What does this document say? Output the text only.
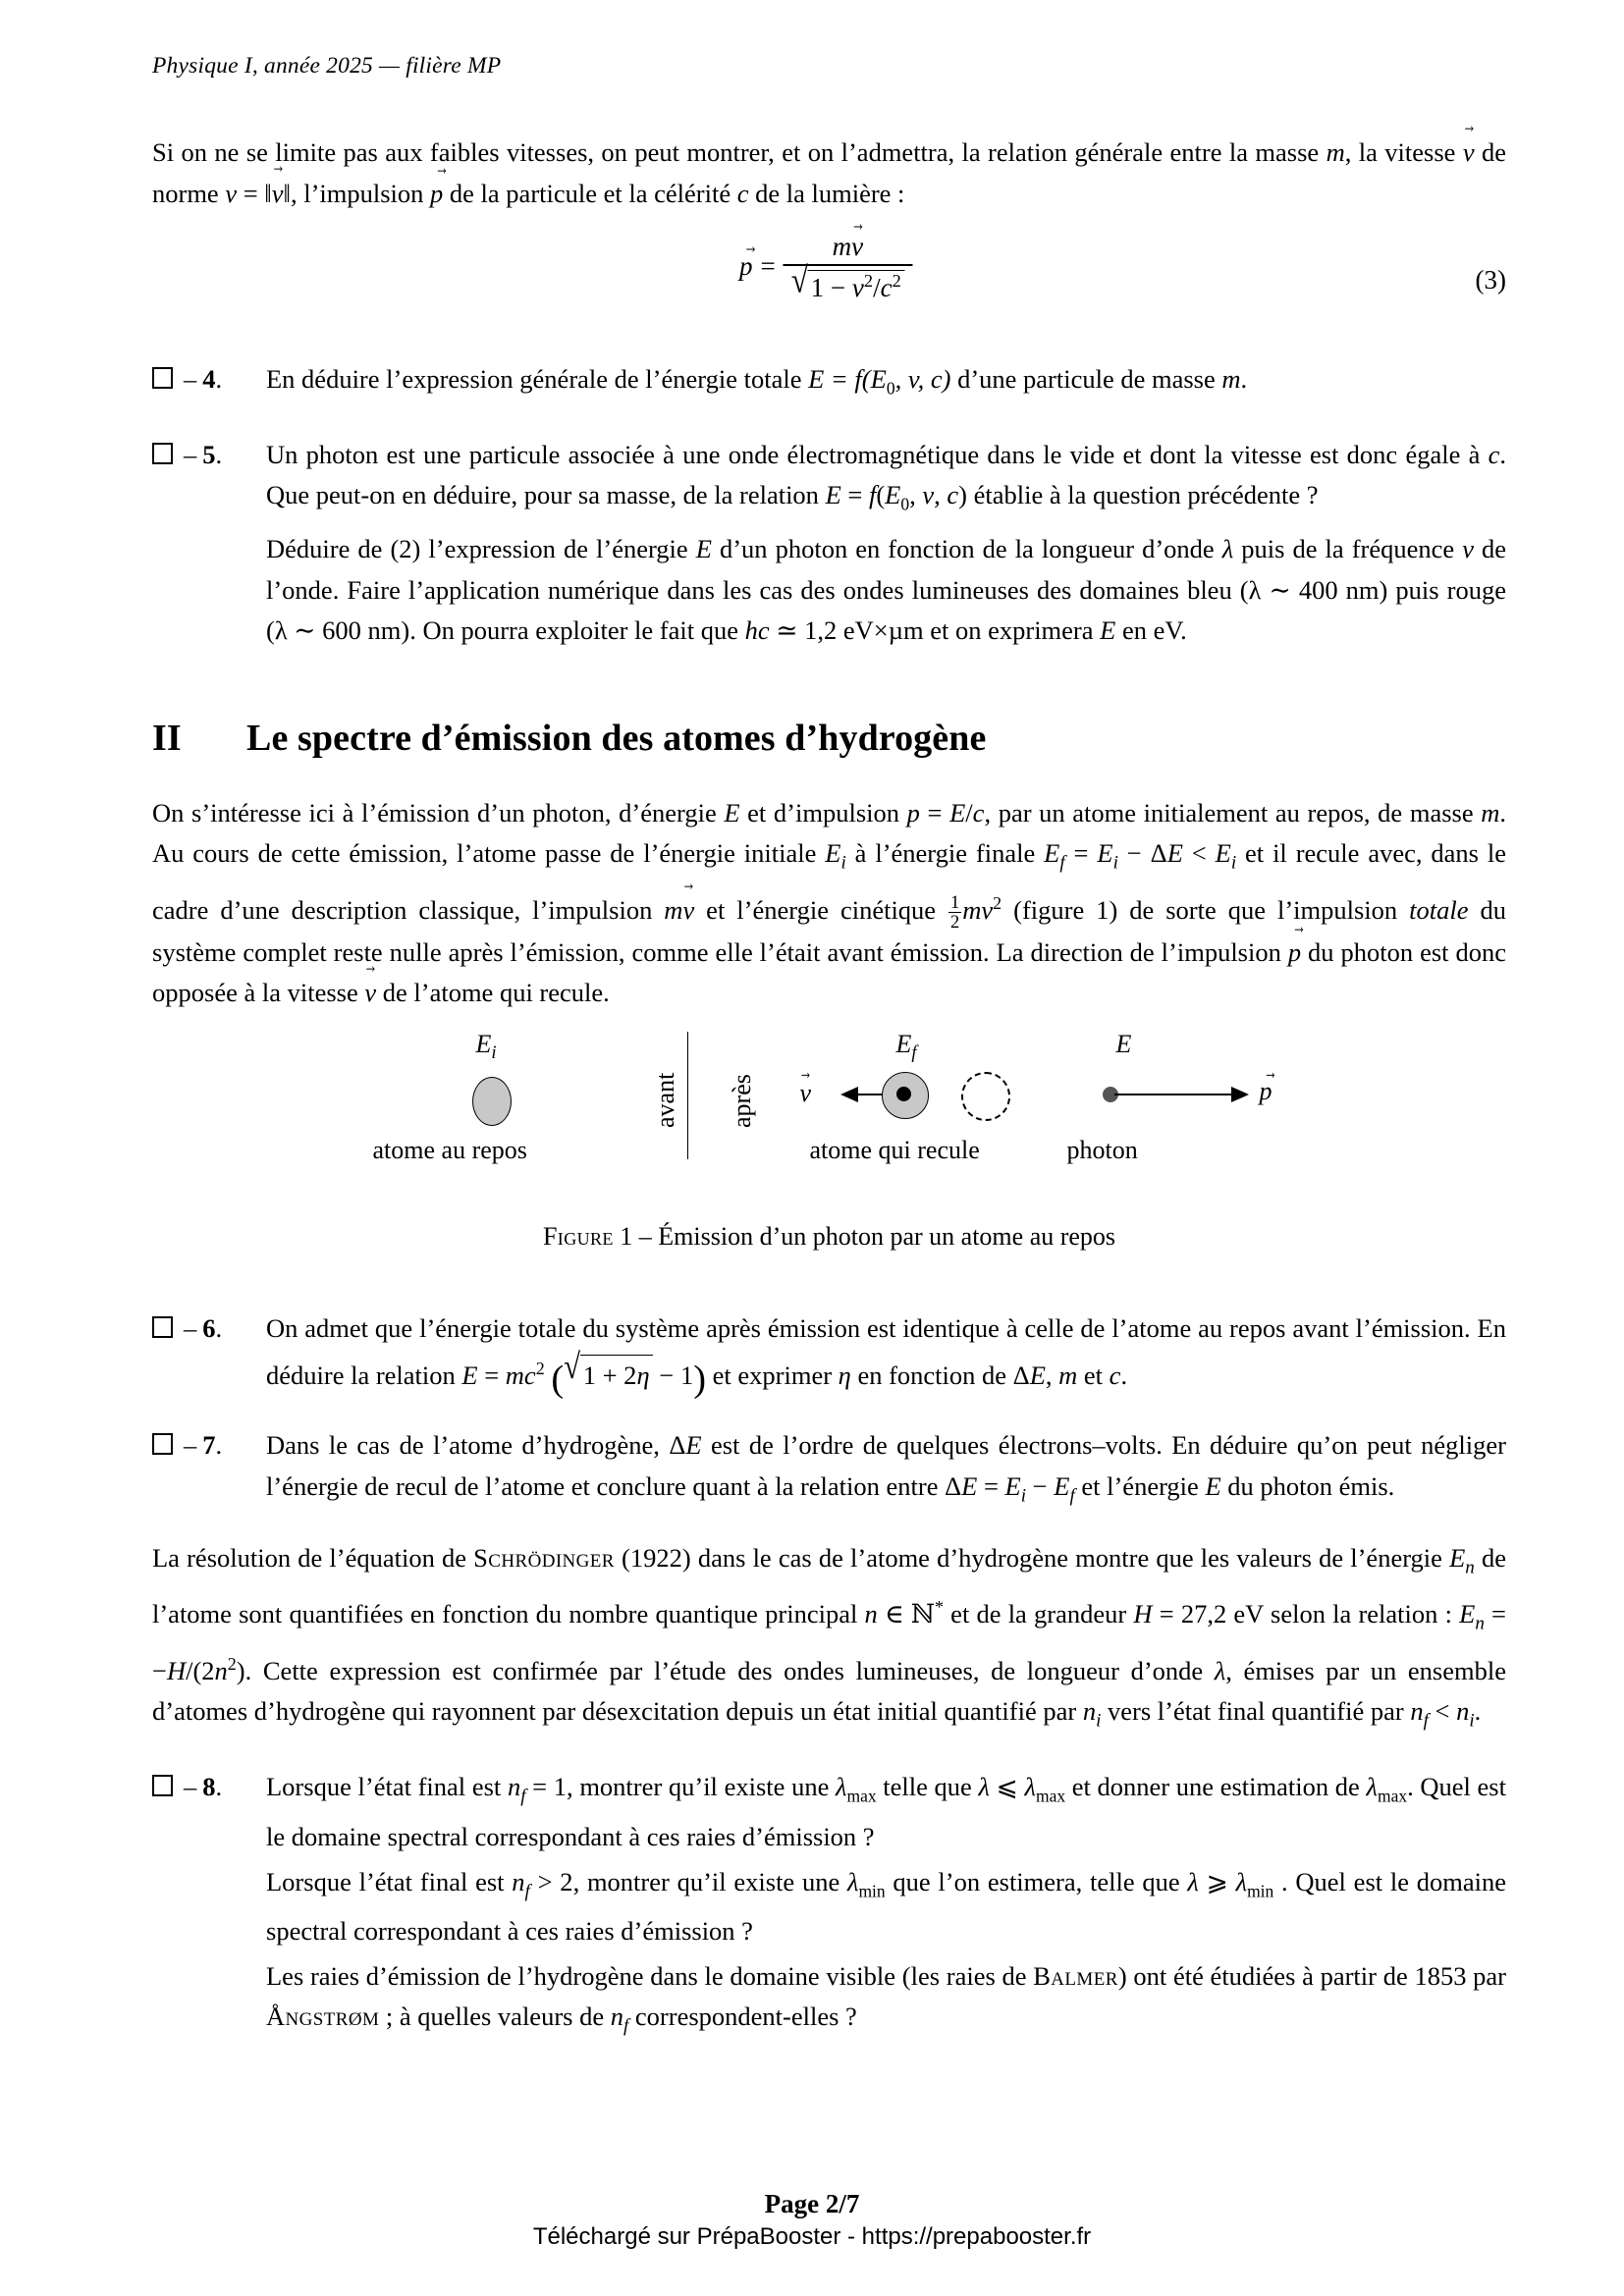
Physique I, année 2025 — filière MP

Si on ne se limite pas aux faibles vitesses, on peut montrer, et on l’admettra, la relation générale entre la masse m, la vitesse v → de norme v = ‖v →‖, l’impulsion p → de la particule et la célérité c de la lumière :

p → = mv →
√ $1 - v^2/c^2$	(3)
– 4.	En déduire l’expression générale de l’énergie totale $E = f(E_0$, v, c) d’une particule de masse m.
– 5.	Un photon est une particule associée à une onde électromagnétique dans le vide et dont la vitesse est donc égale à c. Que peut-on en déduire, pour sa masse, de la relation $E = f(E_0$, v, c) établie à la question précédente ?
Déduire de (2) l’expression de l’énergie E d’un photon en fonction de la longueur d’onde λ puis de la fréquence ν de l’onde. Faire l’application numérique dans les cas des ondes lumineuses des domaines bleu (λ ∼ 400 nm) puis rouge (λ ∼ 600 nm). On pourra exploiter le fait que hc ≃ 1,2 eV×µm et on exprimera E en eV.
II	Le spectre d’émission des atomes d’hydrogène

On s’intéresse ici à l’émission d’un photon, d’énergie E et d’impulsion p = E/c, par un atome initialement au repos, de masse m. Au cours de cette émission, l’atome passe de l’énergie initiale $E_i$ à l’énergie finale $E_f = E_i - \Delta E < E_i$ et il recule avec, dans le cadre d’une description classique, l’impulsion mv → et l’énergie cinétique $\frac{1}{2} mv^2$ (figure 1) de sorte que l’impulsion totale du système complet reste nulle après l’émission, comme elle l’était avant émission. La direction de l’impulsion p → du photon est donc opposée à la vitesse v → de l’atome qui recule.

$E_i$
atome au repos
avant après
$E_f$
v →
atome qui recule
E
p →
photon
Figure 1 – Émission d’un photon par un atome au repos
– 6.	On admet que l’énergie totale du système après émission est identique à celle de l’atome au repos avant l’émission. En déduire la relation $E = mc^2$ ( √ 1 + 2η − 1) et exprimer η en fonction de ΔE, m et c.
– 7.	Dans le cas de l’atome d’hydrogène, ΔE est de l’ordre de quelques électrons–volts. En déduire qu’on peut négliger l’énergie de recul de l’atome et conclure quant à la relation entre $\Delta E = E_i - E_f$ et l’énergie E du photon émis.

La résolution de l’équation de Schrödinger (1922) dans le cas de l’atome d’hydrogène montre que les valeurs de l’énergie $E_n$ de l’atome sont quantifiées en fonction du nombre quantique principal n ∈ ℕ* et de la grandeur H = 27,2 eV selon la relation : $E_n = -H/(2n^2)$. Cette expression est confirmée par l’étude des ondes lumineuses, de longueur d’onde λ, émises par un ensemble d’atomes d’hydrogène qui rayonnent par désexcitation depuis un état initial quantifié par $n_i$ vers l’état final quantifié par $n_f < n_i$.

– 8.	Lorsque l’état final est $n_f = 1$, montrer qu’il existe une $\lambda_{max}$ telle que λ ⩽ $\lambda_{max}$ et donner une estimation de $\lambda_{max}$. Quel est le domaine spectral correspondant à ces raies d’émission ?
Lorsque l’état final est $n_f > 2$, montrer qu’il existe une $\lambda_{min}$ que l’on estimera, telle que λ ⩾ $\lambda_{min}$ . Quel est le domaine spectral correspondant à ces raies d’émission ?
Les raies d’émission de l’hydrogène dans le domaine visible (les raies de Balmer) ont été étudiées à partir de 1853 par Ångstrøm ; à quelles valeurs de $n_f$ correspondent-elles ?

Page 2/7

Téléchargé sur PrépaBooster - https://prepabooster.fr
